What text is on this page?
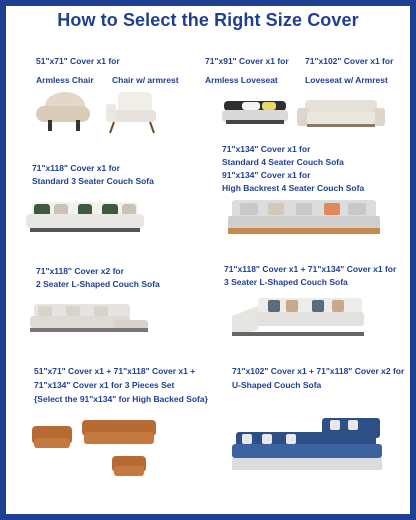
How to Select the Right Size Cover
51"x71" Cover x1 for
Armless Chair Chair w/ armrest
71"x91" Cover x1 for
Armless Loveseat
71"x102" Cover x1 for
Loveseat w/ Armrest
71"x118" Cover x1 for
Standard 3 Seater Couch Sofa
71"x134" Cover x1 for
Standard 4 Seater Couch Sofa
91"x134" Cover x1 for
High Backrest 4 Seater Couch Sofa
71"x118" Cover x2 for
2 Seater L-Shaped Couch Sofa
71"x118" Cover x1 + 71"x134" Cover x1 for
3 Seater L-Shaped Couch Sofa
51"x71" Cover x1 + 71"x118" Cover x1 +
71"x134" Cover x1 for 3 Pieces Set
{Select the 91"x134" for High Backed Sofa}
71"x102" Cover x1 + 71"x118" Cover x2 for
U-Shaped Couch Sofa
